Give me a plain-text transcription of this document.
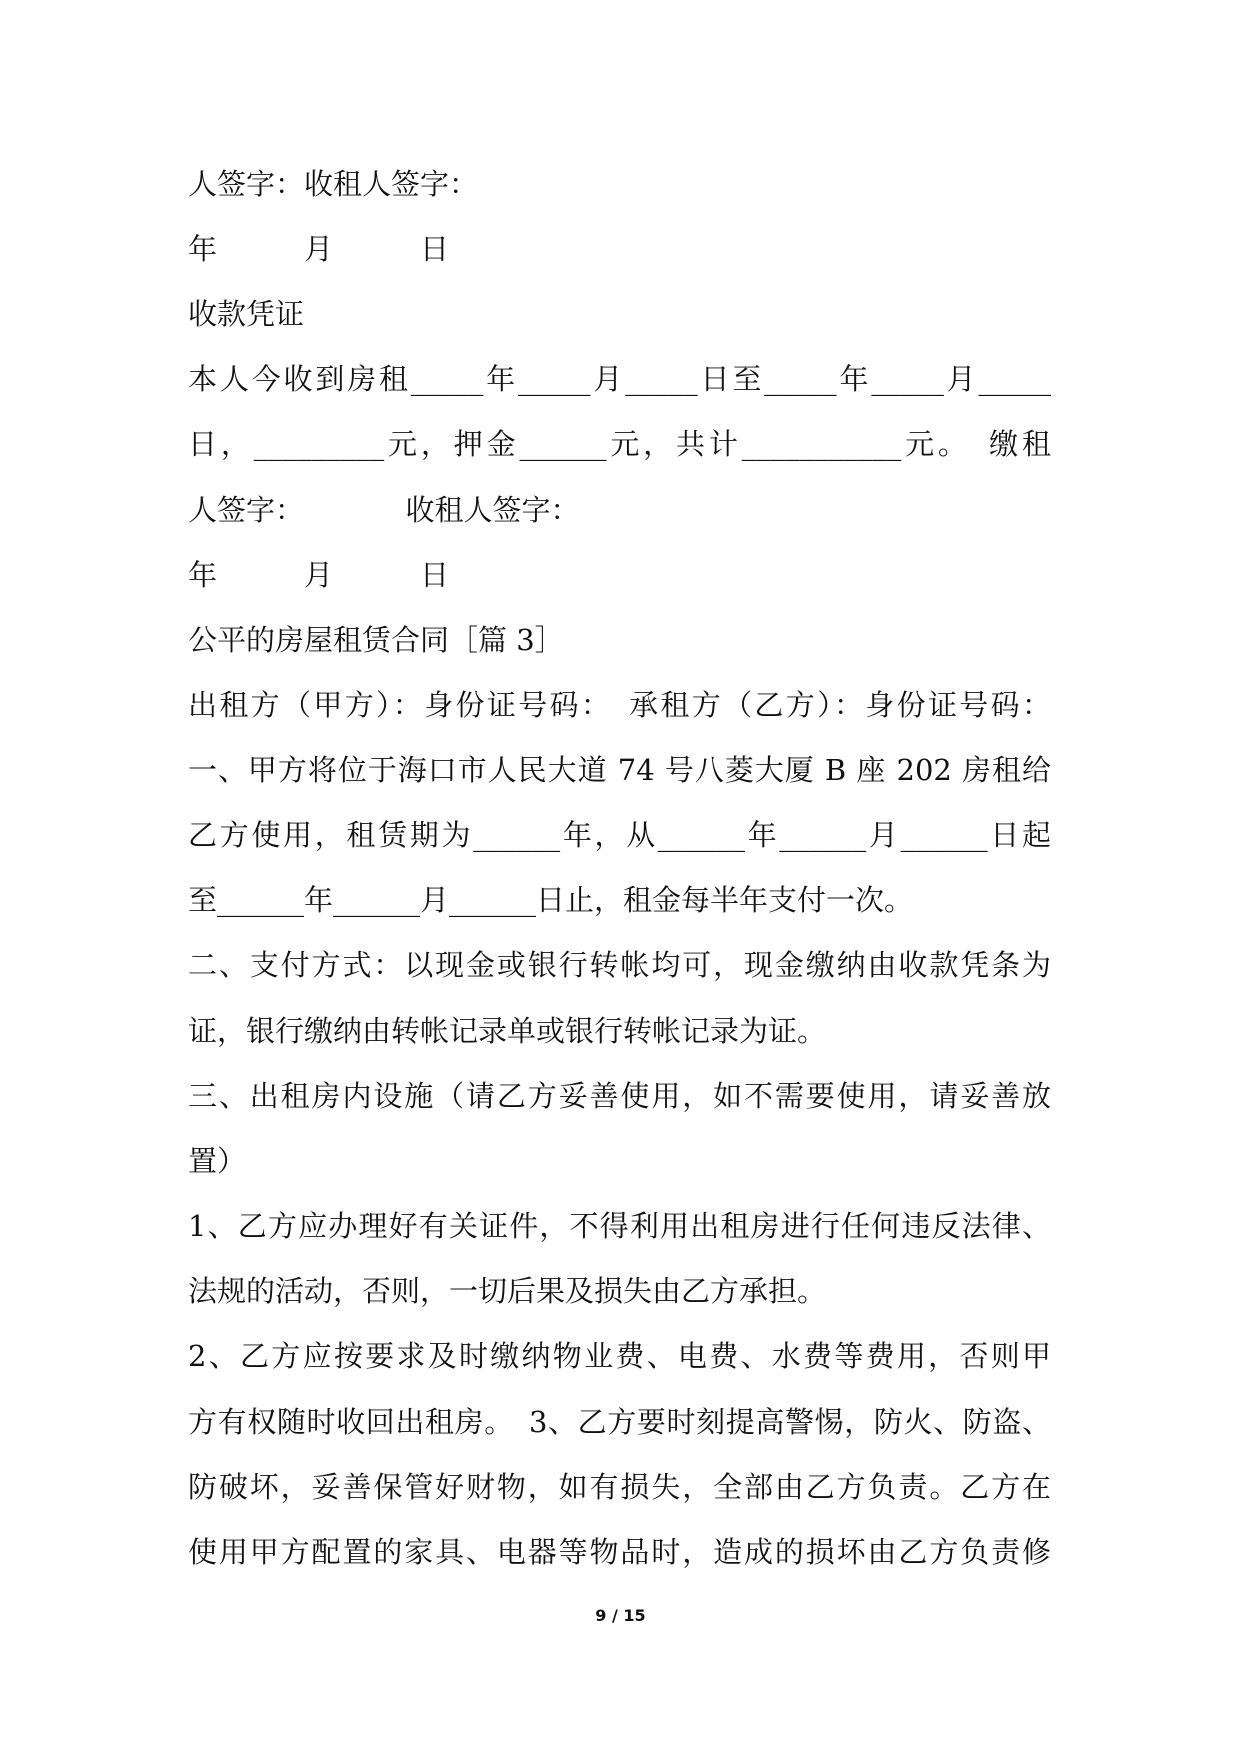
人签字：收租人签字：
年　　　月　　　日
收款凭证
本人今收到房租_____年_____月_____日至_____年_____月_____
日，_________元，押金______元，共计___________元。　缴租
人签字：　　　　收租人签字：
年　　　月　　　日
公平的房屋租赁合同［篇 3］
出租方（甲方）：身份证号码：　承租方（乙方）：身份证号码：
一、甲方将位于海口市人民大道 74 号八菱大厦 B 座 202 房租给
乙方使用，租赁期为______年，从______年______月______日起
至______年______月______日止，租金每半年支付一次。
二、支付方式：以现金或银行转帐均可，现金缴纳由收款凭条为
证，银行缴纳由转帐记录单或银行转帐记录为证。
三、出租房内设施（请乙方妥善使用，如不需要使用，请妥善放
置）
1、乙方应办理好有关证件，不得利用出租房进行任何违反法律、
法规的活动，否则，一切后果及损失由乙方承担。
2、乙方应按要求及时缴纳物业费、电费、水费等费用，否则甲
方有权随时收回出租房。　3、乙方要时刻提高警惕，防火、防盗、
防破坏，妥善保管好财物，如有损失，全部由乙方负责。乙方在
使用甲方配置的家具、电器等物品时，造成的损坏由乙方负责修
9 / 15
